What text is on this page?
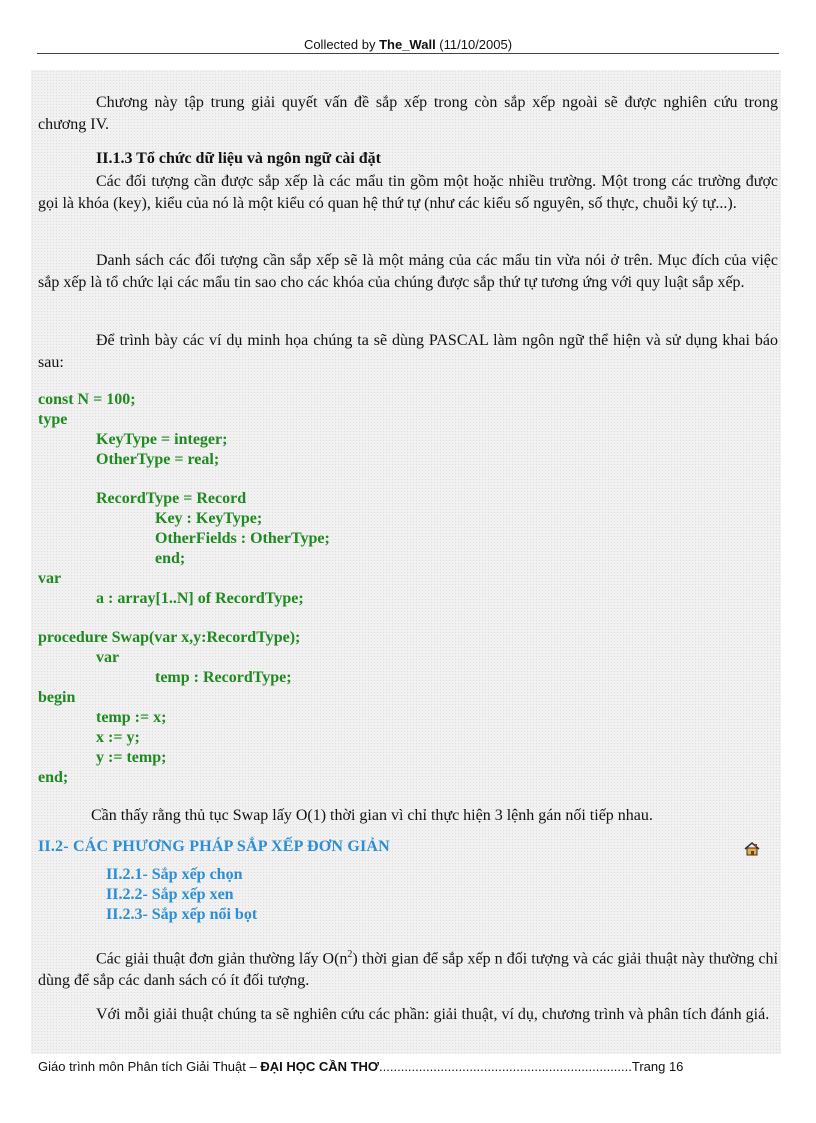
Collected by The_Wall (11/10/2005)
Chương này tập trung giải quyết vấn đề sắp xếp trong còn sắp xếp ngoài sẽ được nghiên cứu trong chương IV.
II.1.3 Tổ chức dữ liệu và ngôn ngữ cài đặt
Các đối tượng cần được sắp xếp là các mẩu tin gồm một hoặc nhiều trường. Một trong các trường được gọi là khóa (key), kiểu của nó là một kiểu có quan hệ thứ tự (như các kiểu số nguyên, số thực, chuỗi ký tự...).
Danh sách các đối tượng cần sắp xếp sẽ là một mảng của các mẩu tin vừa nói ở trên. Mục đích của việc sắp xếp là tổ chức lại các mẩu tin sao cho các khóa của chúng được sắp thứ tự tương ứng với quy luật sắp xếp.
Để trình bày các ví dụ minh họa chúng ta sẽ dùng PASCAL làm ngôn ngữ thể hiện và sử dụng khai báo sau:
const N = 100;
type
KeyType = integer;
OtherType = real;
RecordType = Record
Key : KeyType;
OtherFields : OtherType;
end;
var
a : array[1..N] of RecordType;
procedure Swap(var x,y:RecordType);
var
temp : RecordType;
begin
temp := x;
x := y;
y := temp;
end;
Cần thấy rằng thủ tục Swap lấy O(1) thời gian vì chỉ thực hiện 3 lệnh gán nối tiếp nhau.
II.2- CÁC PHƯƠNG PHÁP SẮP XẾP ĐƠN GIẢN
II.2.1- Sắp xếp chọn
II.2.2- Sắp xếp xen
II.2.3- Sắp xếp nổi bọt
Các giải thuật đơn giản thường lấy $O(n^2)$ thời gian để sắp xếp n đối tượng và các giải thuật này thường chỉ dùng để sắp các danh sách có ít đối tượng.
Với mỗi giải thuật chúng ta sẽ nghiên cứu các phần: giải thuật, ví dụ, chương trình và phân tích đánh giá.
Giáo trình môn Phân tích Giải Thuật – ĐẠI HỌC CẦN THƠ......................................................................Trang 16
